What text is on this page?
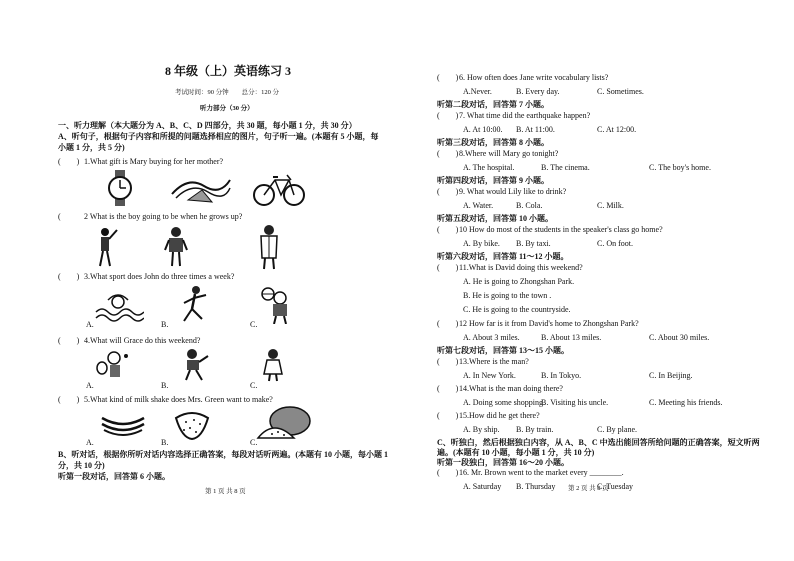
8 年级（上）英语练习 3
考试时间：90 分钟　　总分：120 分
听力部分（30 分）
一、听力理解（本大题分为 A、B、C、D 四部分，共 30 题，每小题 1 分，共 30 分）
A、听句子，根据句子内容和所提的问题选择相应的图片，句子听一遍。(本题有 5 小题，每
小题 1 分，共 5 分)
(　　) 1.What gift is Mary buying for her mother?
(	2 What is the boy going to be when he grows up?
(　　) 3.What sport does John do three times a week?
A.	B.	C.
(　　) 4.What will Grace do this weekend?
A.	B.	C.
(　　) 5.What kind of milk shake does Mrs. Green want to make?
A.	B.	C.
B、听对话，根据你所听对话内容选择正确答案，每段对话听两遍。(本题有 10 小题，每小题 1
分，共 10 分)
听第一段对话，回答第 6 小题。
第 1 页 共 8 页
(　　) 6. How often does Jane write vocabulary lists?
A.Never.	B. Every day.	C. Sometimes.
听第二段对话，回答第 7 小题。
(　　) 7. What time did the earthquake happen?
A. At 10:00. B. At 11:00.	C. At 12:00.
听第三段对话，回答第 8 小题。
(　　) 8.Where will Mary go tonight?
A. The hospital.	B. The cinema.	C. The boy's home.
听第四段对话，回答第 9 小题。
(　　) 9. What would Lily like to drink?
A. Water.	B. Cola.	C. Milk.
听第五段对话，回答第 10 小题。
(　　) 10 How do most of the students in the speaker's class go home?
A. By bike. B. By taxi.	C. On foot.
听第六段对话，回答第 11～12 小题。
(　　) 11.What is David doing this weekend?
A. He is going to Zhongshan Park.
B. He is going to the town .
C. He is going to the countryside.
(　　) 12 How far is it from David's home to Zhongshan Park?
A. About 3 miles.	B. About 13 miles.	C. About 30 miles.
听第七段对话，回答第 13～15 小题。
(　　) 13.Where is the man?
A. In New York.	B. In Tokyo.	C. In Beijing.
(　　) 14.What is the man doing there?
A. Doing some shopping.
B. Visiting his uncle.	C. Meeting his friends.
(　　) 15.How did he get there?
A. By ship. B. By train.	C. By plane.
C、听独白，然后根据独白内容，从 A、B、C 中选出能回答所给问题的正确答案，短文听两
遍。(本题有 10 小题，每小题 1 分，共 10 分)
听第一段独白，回答第 16～20 小题。
(　　) 16. Mr. Brown went to the market every ________.
A. Saturday B. Thursday	C. Tuesday
第 2 页 共 8 页
